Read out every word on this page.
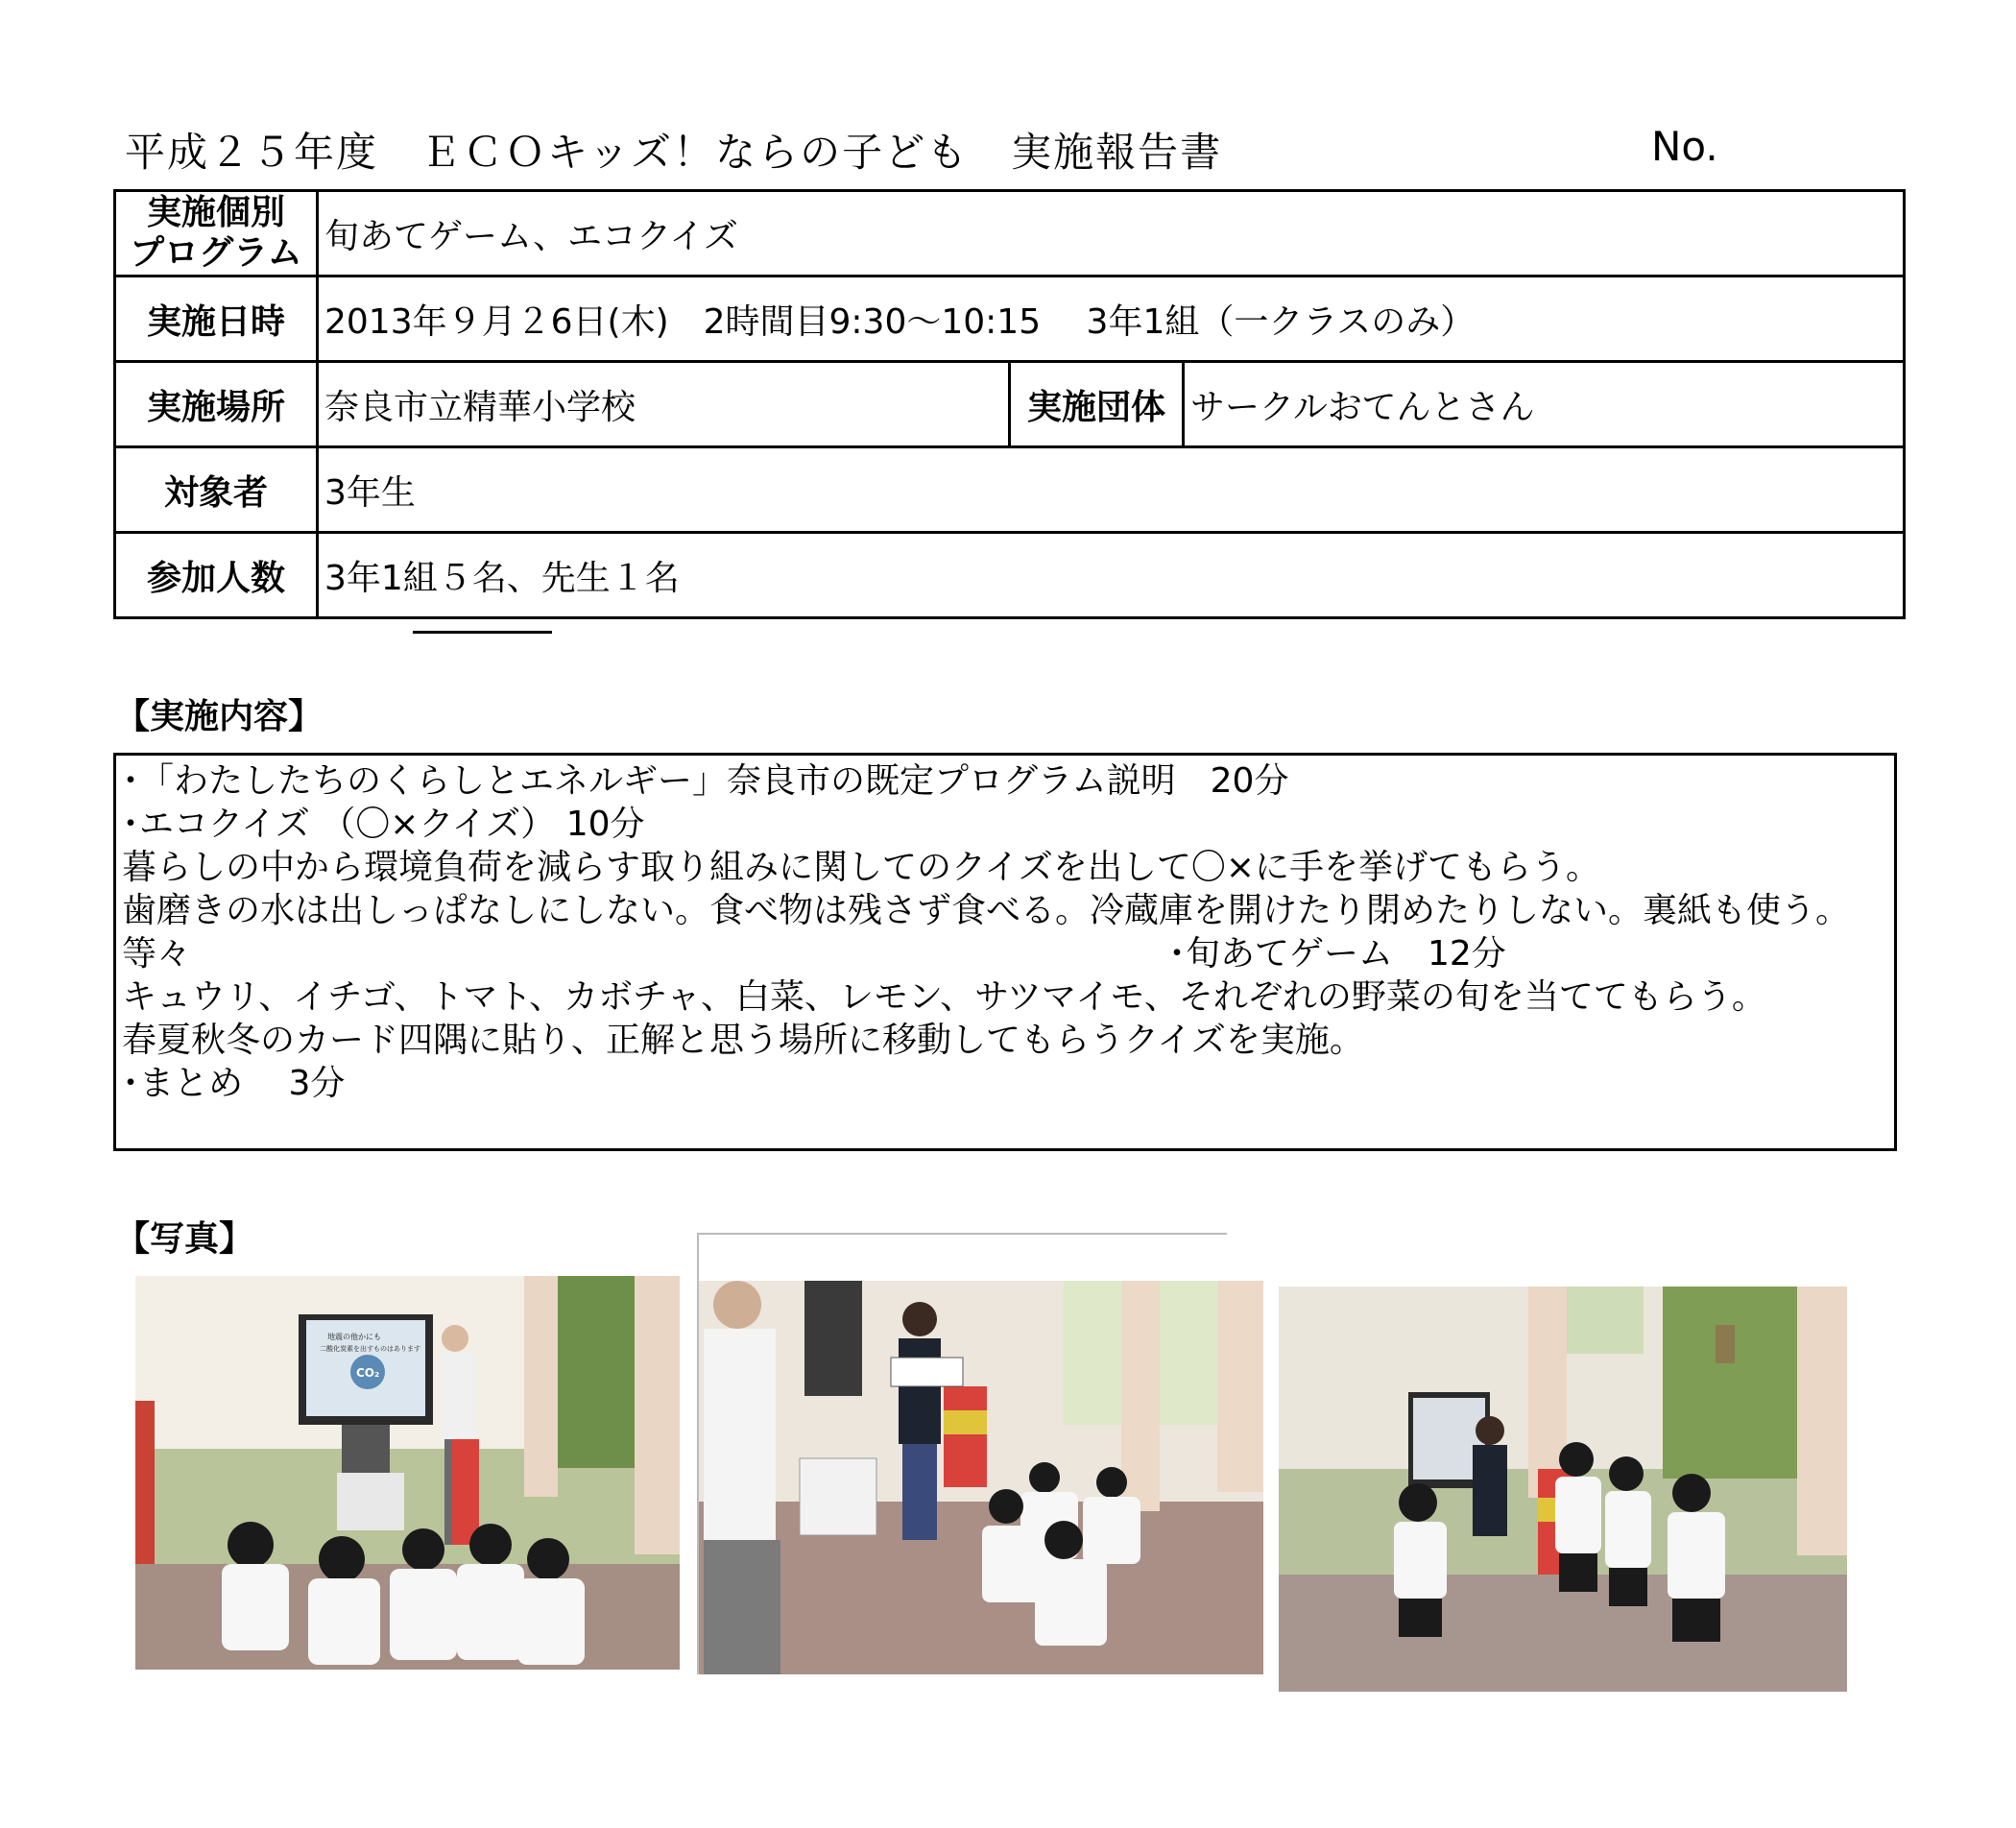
平成２５年度　ＥＣＯキッズ！ならの子ども　実施報告書	No.
実施個別
プログラム	旬あてゲーム、エコクイズ		
実施日時	2013年９月２6日(木)　2時間目9:30～10:15　 3年1組（一クラスのみ）		
実施場所	奈良市立精華小学校	実施団体	サークルおてんとさん
対象者	3年生		
参加人数	3年1組５名、先生１名		
【実施内容】
･「わたしたちのくらしとエネルギー」奈良市の既定プログラム説明　20分
･エコクイズ （〇×クイズ） 10分
暮らしの中から環境負荷を減らす取り組みに関してのクイズを出して〇×に手を挙げてもらう。
歯磨きの水は出しっぱなしにしない。食べ物は残さず食べる。冷蔵庫を開けたり閉めたりしない。裏紙も使う。
等々	･旬あてゲーム　12分
キュウリ、イチゴ、トマト、カボチャ、白菜、レモン、サツマイモ、それぞれの野菜の旬を当ててもらう。
春夏秋冬のカード四隅に貼り、正解と思う場所に移動してもらうクイズを実施。
･まとめ　 3分
【写真】
地震の他かにも
二酸化炭素を出すものはあります
CO₂
